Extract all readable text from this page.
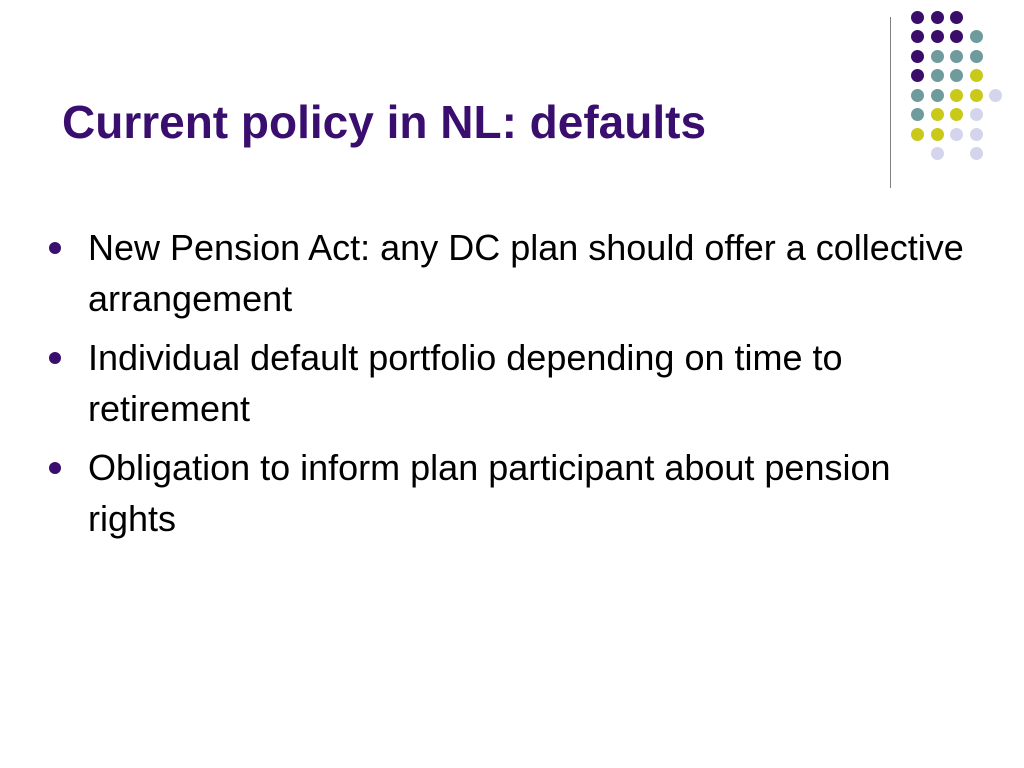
Current policy in NL: defaults
New Pension Act: any DC plan should offer a collective arrangement
Individual default portfolio depending on time to retirement
Obligation to inform plan participant about pension rights
